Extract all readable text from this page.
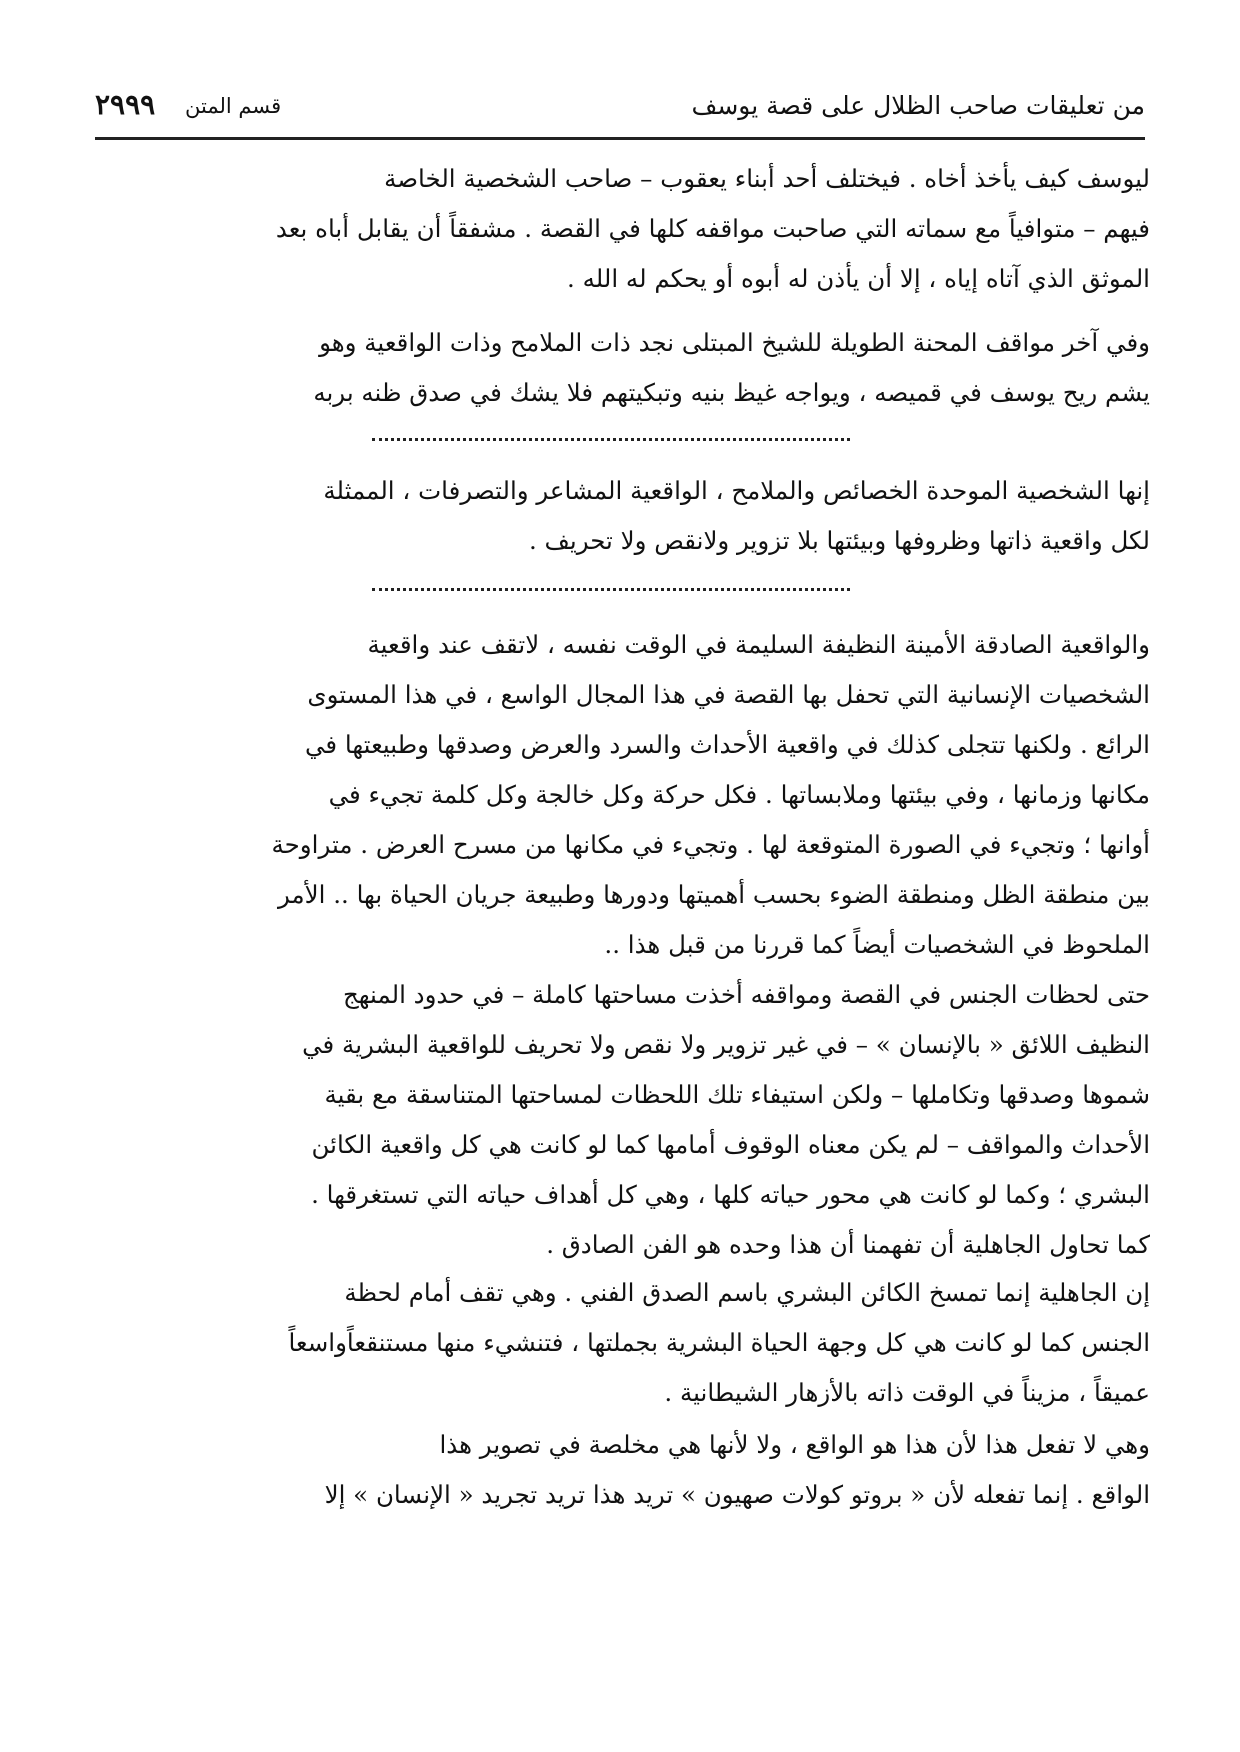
من تعليقات صاحب الظلال على قصة يوسف
قسم المتن
٢٩٩٩
ليوسف كيف يأخذ أخاه . فيختلف أحد أبناء يعقوب – صاحب الشخصية الخاصة
فيهم – متوافياً مع سماته التي صاحبت مواقفه كلها في القصة . مشفقاً أن يقابل أباه بعد
الموثق الذي آتاه إياه ، إلا أن يأذن له أبوه أو يحكم له الله .
وفي آخر مواقف المحنة الطويلة للشيخ المبتلى نجد ذات الملامح وذات الواقعية وهو
يشم ريح يوسف في قميصه ، ويواجه غيظ بنيه وتبكيتهم فلا يشك في صدق ظنه بربه
إنها الشخصية الموحدة الخصائص والملامح ، الواقعية المشاعر والتصرفات ، الممثلة
لكل واقعية ذاتها وظروفها وبيئتها بلا تزوير ولانقص ولا تحريف .
والواقعية الصادقة الأمينة النظيفة السليمة في الوقت نفسه ، لاتقف عند واقعية
الشخصيات الإنسانية التي تحفل بها القصة في هذا المجال الواسع ، في هذا المستوى
الرائع . ولكنها تتجلى كذلك في واقعية الأحداث والسرد والعرض وصدقها وطبيعتها في
مكانها وزمانها ، وفي بيئتها وملابساتها . فكل حركة وكل خالجة وكل كلمة تجيء في
أوانها ؛ وتجيء في الصورة المتوقعة لها . وتجيء في مكانها من مسرح العرض . متراوحة
بين منطقة الظل ومنطقة الضوء بحسب أهميتها ودورها وطبيعة جريان الحياة بها .. الأمر
الملحوظ في الشخصيات أيضاً كما قررنا من قبل هذا ..
حتى لحظات الجنس في القصة ومواقفه أخذت مساحتها كاملة – في حدود المنهج
النظيف اللائق « بالإنسان » – في غير تزوير ولا نقص ولا تحريف للواقعية البشرية في
شموها وصدقها وتكاملها – ولكن استيفاء تلك اللحظات لمساحتها المتناسقة مع بقية
الأحداث والمواقف – لم يكن معناه الوقوف أمامها كما لو كانت هي كل واقعية الكائن
البشري ؛ وكما لو كانت هي محور حياته كلها ، وهي كل أهداف حياته التي تستغرقها .
كما تحاول الجاهلية أن تفهمنا أن هذا وحده هو الفن الصادق .
إن الجاهلية إنما تمسخ الكائن البشري باسم الصدق الفني . وهي تقف أمام لحظة
الجنس كما لو كانت هي كل وجهة الحياة البشرية بجملتها ، فتنشيء منها مستنقعاًواسعاً
عميقاً ، مزيناً في الوقت ذاته بالأزهار الشيطانية .
وهي لا تفعل هذا لأن هذا هو الواقع ، ولا لأنها هي مخلصة في تصوير هذا
الواقع . إنما تفعله لأن « بروتو كولات صهيون » تريد هذا تريد تجريد « الإنسان » إلا
